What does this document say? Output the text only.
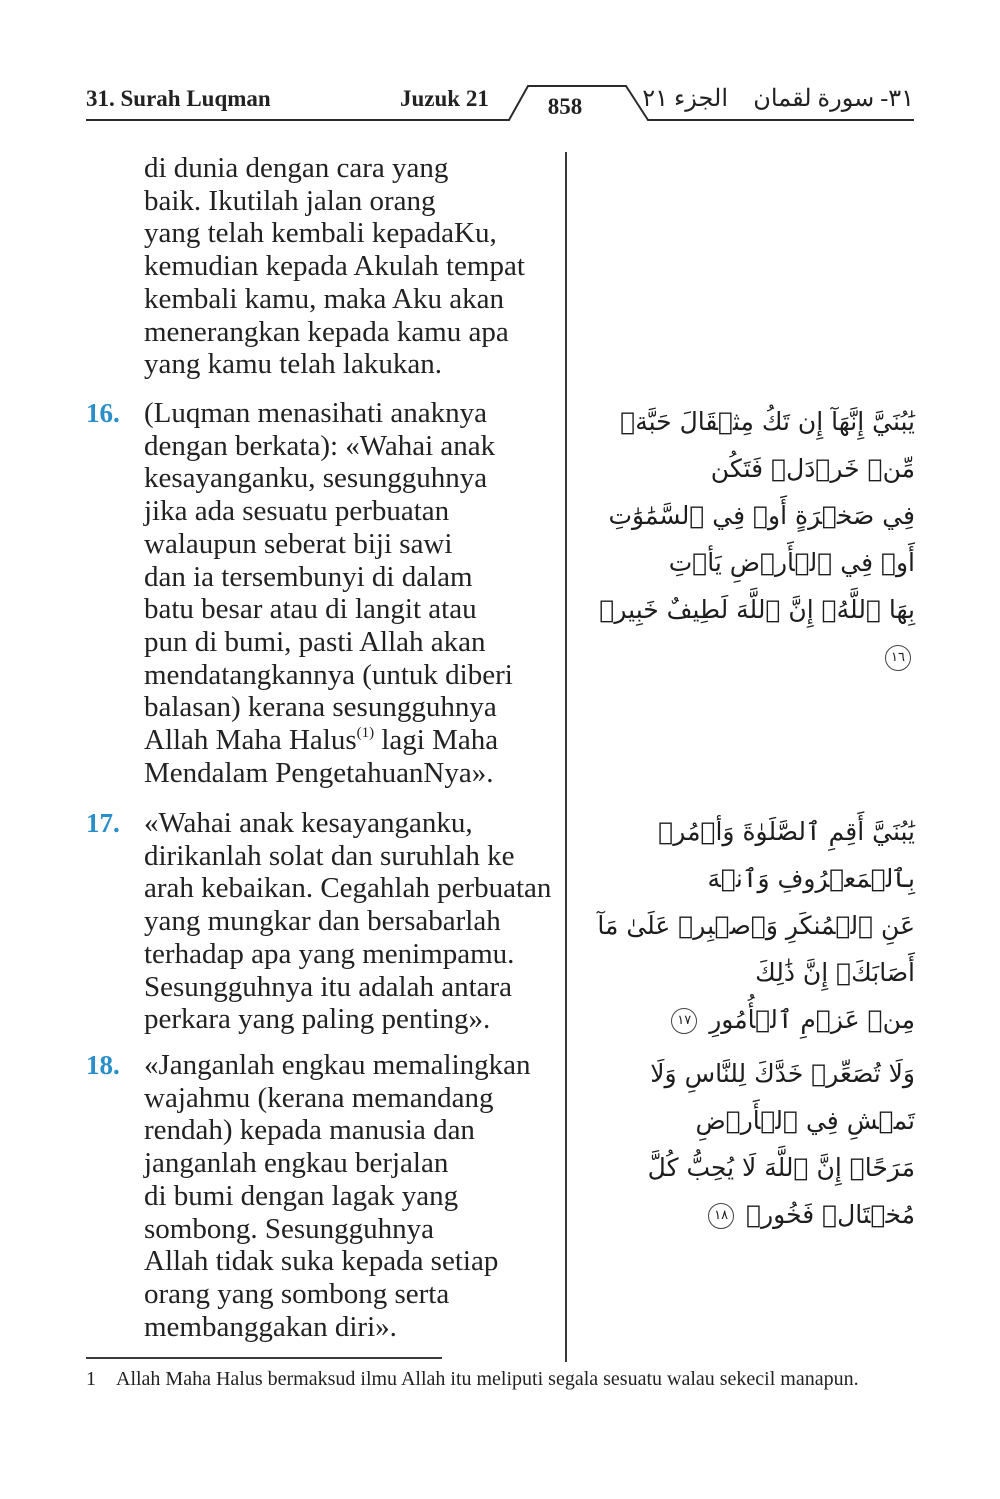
31. Surah Luqman	Juzuk 21	الجزء ٢١ ٣١- سورة لقمان
858
di dunia dengan cara yang
baik. Ikutilah jalan orang
yang telah kembali kepadaKu,
kemudian kepada Akulah tempat
kembali kamu, maka Aku akan
menerangkan kepada kamu apa
yang kamu telah lakukan.
16. (Luqman menasihati anaknya
dengan berkata): «Wahai anak
kesayanganku, sesungguhnya
jika ada sesuatu perbuatan
walaupun seberat biji sawi
dan ia tersembunyi di dalam
batu besar atau di langit atau
pun di bumi, pasti Allah akan
mendatangkannya (untuk diberi
balasan) kerana sesungguhnya
Allah Maha Halus$^{(1)}$ lagi Maha
Mendalam PengetahuanNya».
17. «Wahai anak kesayanganku,
dirikanlah solat dan suruhlah ke
arah kebaikan. Cegahlah perbuatan
yang mungkar dan bersabarlah
terhadap apa yang menimpamu.
Sesungguhnya itu adalah antara
perkara yang paling penting».
18. «Janganlah engkau memalingkan
wajahmu (kerana memandang
rendah) kepada manusia dan
janganlah engkau berjalan
di bumi dengan lagak yang
sombong. Sesungguhnya
Allah tidak suka kepada setiap
orang yang sombong serta
membanggakan diri».
يَٰبُنَيَّ إِنَّهَآ إِن تَكُ مِثۡقَالَ حَبَّةٖ مِّنۡ خَرۡدَلٖ فَتَكُن
فِي صَخۡرَةٍ أَوۡ فِي ٱلسَّمَٰوَٰتِ أَوۡ فِي ٱلۡأَرۡضِ يَأۡتِ
بِهَا ٱللَّهُۚ إِنَّ ٱللَّهَ لَطِيفٌ خَبِيرٞ ١٦
يَٰبُنَيَّ أَقِمِ ٱلصَّلَوٰةَ وَأۡمُرۡ بِٱلۡمَعۡرُوفِ وَٱنۡهَ
عَنِ ٱلۡمُنكَرِ وَٱصۡبِرۡ عَلَىٰ مَآ أَصَابَكَۖ إِنَّ ذَٰلِكَ
مِنۡ عَزۡمِ ٱلۡأُمُورِ ١٧
وَلَا تُصَعِّرۡ خَدَّكَ لِلنَّاسِ وَلَا تَمۡشِ فِي ٱلۡأَرۡضِ
مَرَحًاۖ إِنَّ ٱللَّهَ لَا يُحِبُّ كُلَّ مُخۡتَالٖ فَخُورٖ ١٨
1 Allah Maha Halus bermaksud ilmu Allah itu meliputi segala sesuatu walau sekecil manapun.
